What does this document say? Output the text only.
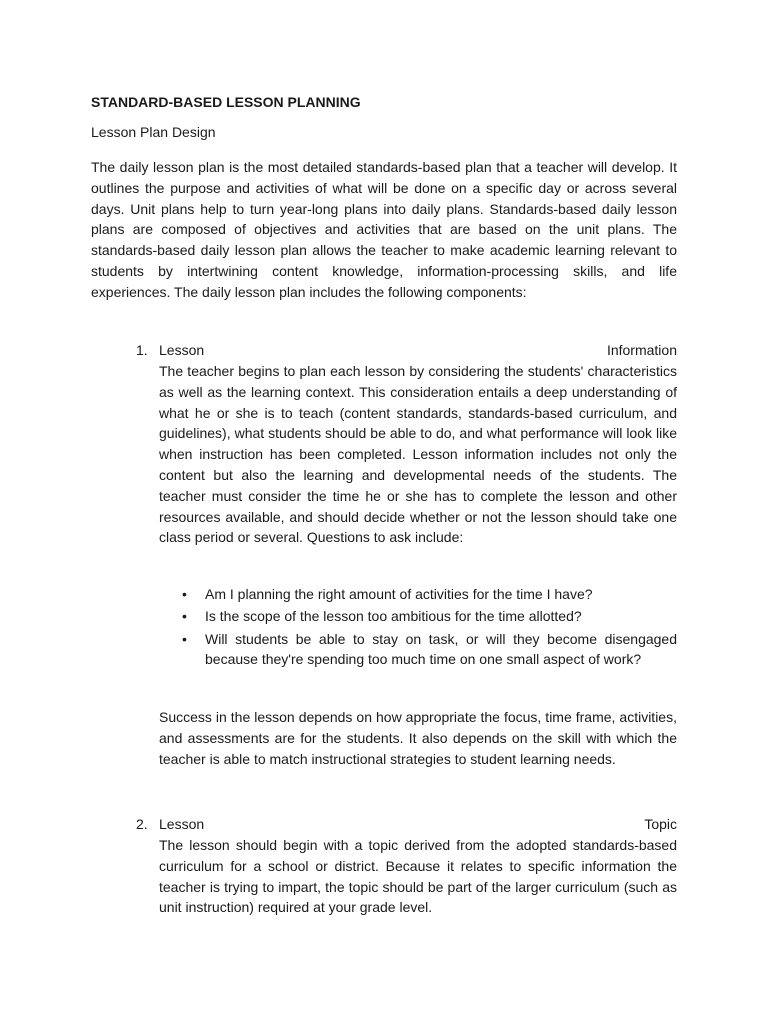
STANDARD-BASED LESSON PLANNING
Lesson Plan Design

The daily lesson plan is the most detailed standards-based plan that a teacher will develop. It outlines the purpose and activities of what will be done on a specific day or across several days. Unit plans help to turn year-long plans into daily plans. Standards-based daily lesson plans are composed of objectives and activities that are based on the unit plans. The standards-based daily lesson plan allows the teacher to make academic learning relevant to students by intertwining content knowledge, information-processing skills, and life experiences. The daily lesson plan includes the following components:

1. Lesson	Information

The teacher begins to plan each lesson by considering the students' characteristics as well as the learning context. This consideration entails a deep understanding of what he or she is to teach (content standards, standards-based curriculum, and guidelines), what students should be able to do, and what performance will look like when instruction has been completed. Lesson information includes not only the content but also the learning and developmental needs of the students. The teacher must consider the time he or she has to complete the lesson and other resources available, and should decide whether or not the lesson should take one class period or several. Questions to ask include:

• Am I planning the right amount of activities for the time I have?
• Is the scope of the lesson too ambitious for the time allotted?
• Will students be able to stay on task, or will they become disengaged because they're spending too much time on one small aspect of work?

Success in the lesson depends on how appropriate the focus, time frame, activities, and assessments are for the students. It also depends on the skill with which the teacher is able to match instructional strategies to student learning needs.

2. Lesson	Topic

The lesson should begin with a topic derived from the adopted standards-based curriculum for a school or district. Because it relates to specific information the teacher is trying to impart, the topic should be part of the larger curriculum (such as unit instruction) required at your grade level.
